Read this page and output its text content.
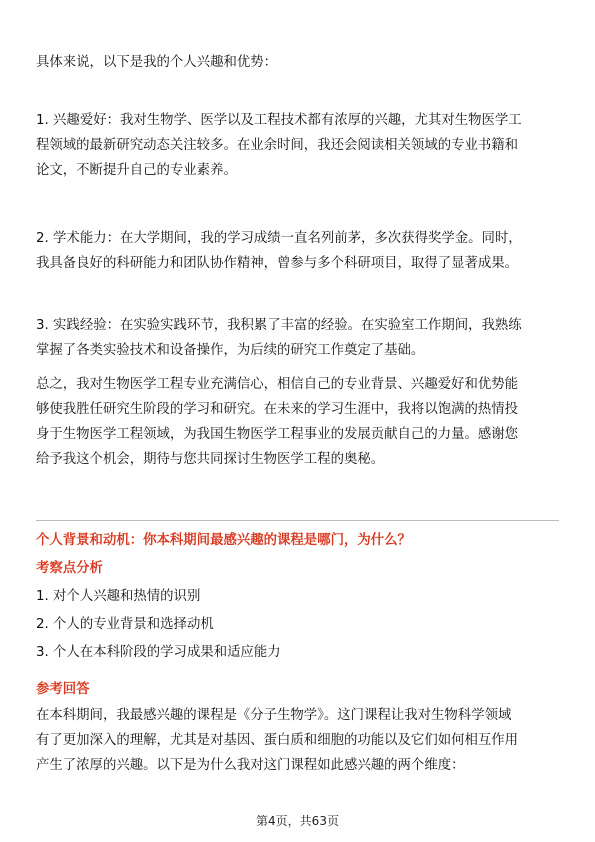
具体来说，以下是我的个人兴趣和优势：

1. 兴趣爱好：我对生物学、医学以及工程技术都有浓厚的兴趣，尤其对生物医学工
程领域的最新研究动态关注较多。在业余时间，我还会阅读相关领域的专业书籍和
论文，不断提升自己的专业素养。

2. 学术能力：在大学期间，我的学习成绩一直名列前茅，多次获得奖学金。同时，
我具备良好的科研能力和团队协作精神，曾参与多个科研项目，取得了显著成果。

3. 实践经验：在实验实践环节，我积累了丰富的经验。在实验室工作期间，我熟练
掌握了各类实验技术和设备操作，为后续的研究工作奠定了基础。

总之，我对生物医学工程专业充满信心，相信自己的专业背景、兴趣爱好和优势能
够使我胜任研究生阶段的学习和研究。在未来的学习生涯中，我将以饱满的热情投
身于生物医学工程领域，为我国生物医学工程事业的发展贡献自己的力量。感谢您
给予我这个机会，期待与您共同探讨生物医学工程的奥秘。

个人背景和动机：你本科期间最感兴趣的课程是哪门，为什么？

考察点分析

1. 对个人兴趣和热情的识别
2. 个人的专业背景和选择动机
3. 个人在本科阶段的学习成果和适应能力

参考回答

在本科期间，我最感兴趣的课程是《分子生物学》。这门课程让我对生物科学领域
有了更加深入的理解，尤其是对基因、蛋白质和细胞的功能以及它们如何相互作用
产生了浓厚的兴趣。以下是为什么我对这门课程如此感兴趣的两个维度：

第4页，共63页
